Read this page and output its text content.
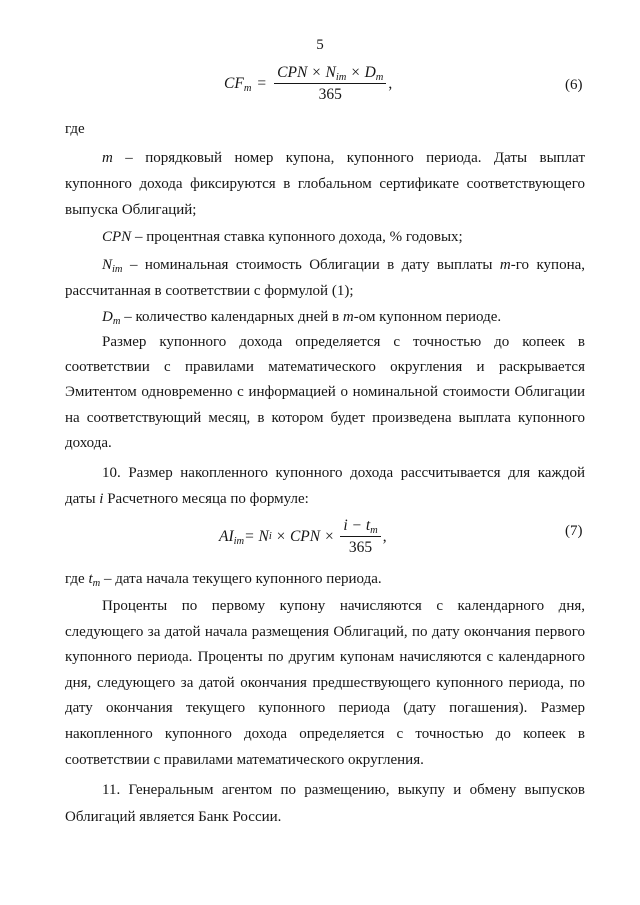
5
$CF_m = \frac{CPN \times N_{im} \times D_m}{365}$ ,	(6)

где

m – порядковый номер купона, купонного периода. Даты выплат купонного дохода фиксируются в глобальном сертификате соответствующего выпуска Облигаций;

CPN – процентная ставка купонного дохода, % годовых;

$N_{im}$ – номинальная стоимость Облигации в дату выплаты m-го купона, рассчитанная в соответствии с формулой (1);

$D_m$ – количество календарных дней в m-ом купонном периоде.

Размер купонного дохода определяется с точностью до копеек в соответствии с правилами математического округления и раскрывается Эмитентом одновременно с информацией о номинальной стоимости Облигации на соответствующий месяц, в котором будет произведена выплата купонного дохода.

10. Размер накопленного купонного дохода рассчитывается для каждой даты i Расчетного месяца по формуле:

$AI_{im} = N$ i × CPN × $\frac{i - t_m}{365}$ ,	(7)

где $t_m$ – дата начала текущего купонного периода.

Проценты по первому купону начисляются с календарного дня, следующего за датой начала размещения Облигаций, по дату окончания первого купонного периода. Проценты по другим купонам начисляются с календарного дня, следующего за датой окончания предшествующего купонного периода, по дату окончания текущего купонного периода (дату погашения). Размер накопленного купонного дохода определяется с точностью до копеек в соответствии с правилами математического округления.

11. Генеральным агентом по размещению, выкупу и обмену выпусков Облигаций является Банк России.
